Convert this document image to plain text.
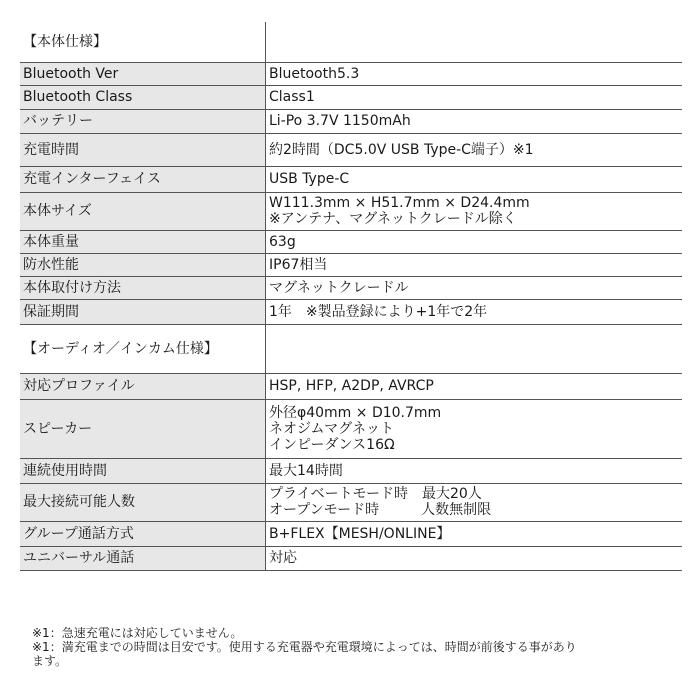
【本体仕様】	
Bluetooth Ver	Bluetooth5.3

Bluetooth Class	Class1

バッテリー	Li-Po 3.7V 1150mAh

充電時間	約2時間（DC5.0V USB Type-C端子）※1

充電インターフェイス	USB Type-C

本体サイズ	W111.3mm × H51.7mm × D24.4mm
※アンテナ、マグネットクレードル除く

本体重量	63g

防水性能	IP67相当

本体取付け方法	マグネットクレードル

保証期間	1年　※製品登録により+1年で2年

【オーディオ／インカム仕様】	
対応プロファイル	HSP, HFP, A2DP, AVRCP

スピーカー	外径φ40mm × D10.7mm
ネオジムマグネット
インピーダンス16Ω

連続使用時間	最大14時間

最大接続可能人数	プライベートモード時　最大20人
オープンモード時　　　人数無制限

グループ通話方式	B+FLEX【MESH/ONLINE】

ユニバーサル通話	対応
※1：急速充電には対応していません。
※1：満充電までの時間は目安です。使用する充電器や充電環境によっては、時間が前後する事があり
ます。
